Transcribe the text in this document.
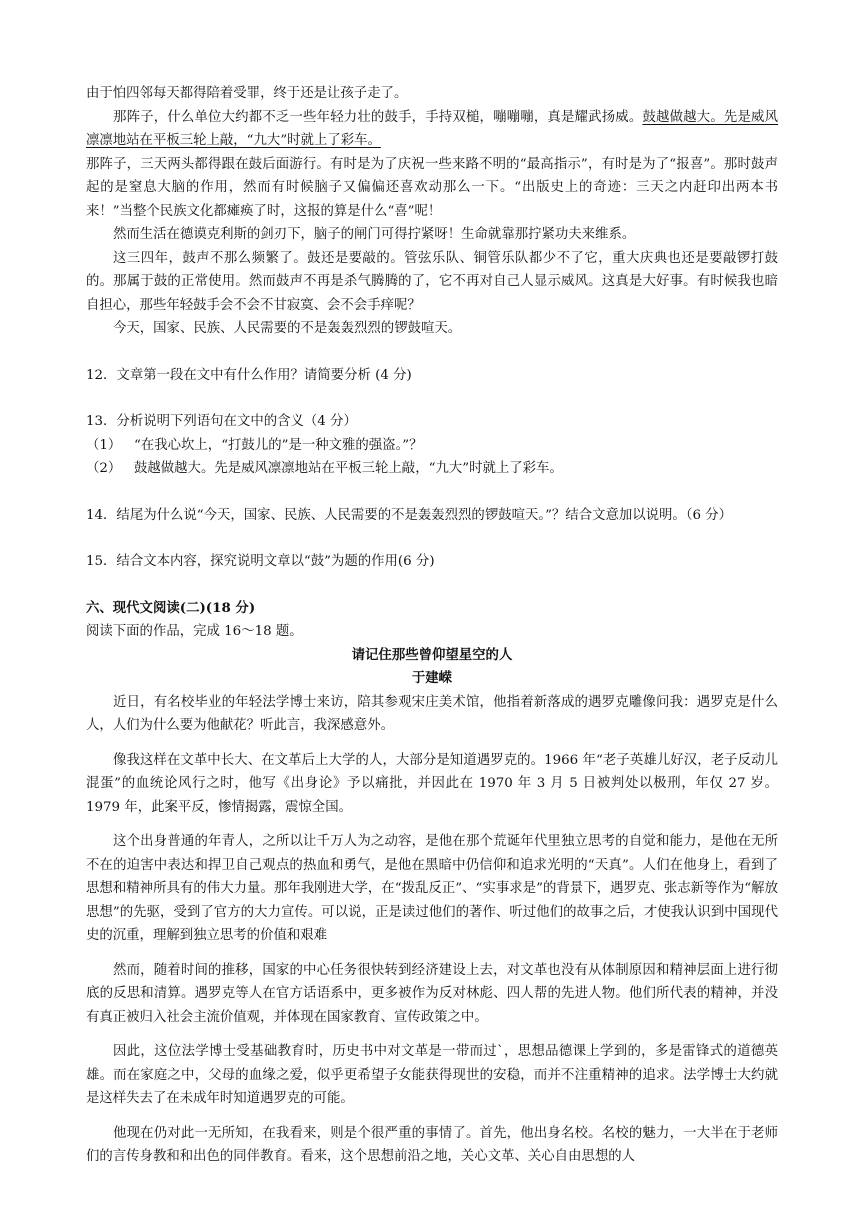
由于怕四邻每天都得陪着受罪，终于还是让孩子走了。

那阵子，什么单位大约都不乏一些年轻力壮的鼓手，手持双槌，嘣嘣嘣，真是耀武扬威。鼓越做越大。先是威风凛凛地站在平板三轮上敲，“九大”时就上了彩车。

那阵子，三天两头都得跟在鼓后面游行。有时是为了庆祝一些来路不明的“最高指示”，有时是为了“报喜”。那时鼓声起的是窒息大脑的作用，然而有时候脑子又偏偏还喜欢动那么一下。“出版史上的奇迹：三天之内赶印出两本书来！”当整个民族文化都瘫痪了时，这报的算是什么“喜”呢！

然而生活在德谟克利斯的剑刃下，脑子的闸门可得拧紧呀！生命就靠那拧紧功夫来维系。

这三四年，鼓声不那么频繁了。鼓还是要敲的。管弦乐队、铜管乐队都少不了它，重大庆典也还是要敲锣打鼓的。那属于鼓的正常使用。然而鼓声不再是杀气腾腾的了，它不再对自己人显示威风。这真是大好事。有时候我也暗自担心，那些年轻鼓手会不会不甘寂寞、会不会手痒呢？

今天，国家、民族、人民需要的不是轰轰烈烈的锣鼓喧天。

12．文章第一段在文中有什么作用？请简要分析 (4 分)

13．分析说明下列语句在文中的含义（4 分）

（1） “在我心坎上，“打鼓儿的”是一种文雅的强盗。”？

（2） 鼓越做越大。先是威风凛凛地站在平板三轮上敲，“九大”时就上了彩车。

14．结尾为什么说“今天，国家、民族、人民需要的不是轰轰烈烈的锣鼓喧天。”？结合文意加以说明。（6 分）

15．结合文本内容，探究说明文章以“鼓”为题的作用(6 分)

六、现代文阅读(二)(18 分)

阅读下面的作品，完成 16～18 题。

请记住那些曾仰望星空的人

于建嵘

近日，有名校毕业的年轻法学博士来访，陪其参观宋庄美术馆，他指着新落成的遇罗克雕像问我：遇罗克是什么人，人们为什么要为他献花？听此言，我深感意外。

像我这样在文革中长大、在文革后上大学的人，大部分是知道遇罗克的。1966 年“老子英雄儿好汉，老子反动儿混蛋”的血统论风行之时，他写《出身论》予以痛批，并因此在 1970 年 3 月 5 日被判处以极刑，年仅 27 岁。1979 年，此案平反，惨情揭露，震惊全国。

这个出身普通的年青人，之所以让千万人为之动容，是他在那个荒诞年代里独立思考的自觉和能力，是他在无所不在的迫害中表达和捍卫自己观点的热血和勇气，是他在黑暗中仍信仰和追求光明的“天真”。人们在他身上，看到了思想和精神所具有的伟大力量。那年我刚进大学，在“拨乱反正”、“实事求是”的背景下，遇罗克、张志新等作为“解放思想”的先驱，受到了官方的大力宣传。可以说，正是读过他们的著作、听过他们的故事之后，才使我认识到中国现代史的沉重，理解到独立思考的价值和艰难

然而，随着时间的推移，国家的中心任务很快转到经济建设上去，对文革也没有从体制原因和精神层面上进行彻底的反思和清算。遇罗克等人在官方话语系中，更多被作为反对林彪、四人帮的先进人物。他们所代表的精神，并没有真正被归入社会主流价值观，并体现在国家教育、宣传政策之中。

因此，这位法学博士受基础教育时，历史书中对文革是一带而过`，思想品德课上学到的，多是雷锋式的道德英雄。而在家庭之中，父母的血缘之爱，似乎更希望子女能获得现世的安稳，而并不注重精神的追求。法学博士大约就是这样失去了在未成年时知道遇罗克的可能。

他现在仍对此一无所知，在我看来，则是个很严重的事情了。首先，他出身名校。名校的魅力，一大半在于老师们的言传身教和和出色的同伴教育。看来，这个思想前沿之地，关心文革、关心自由思想的人
